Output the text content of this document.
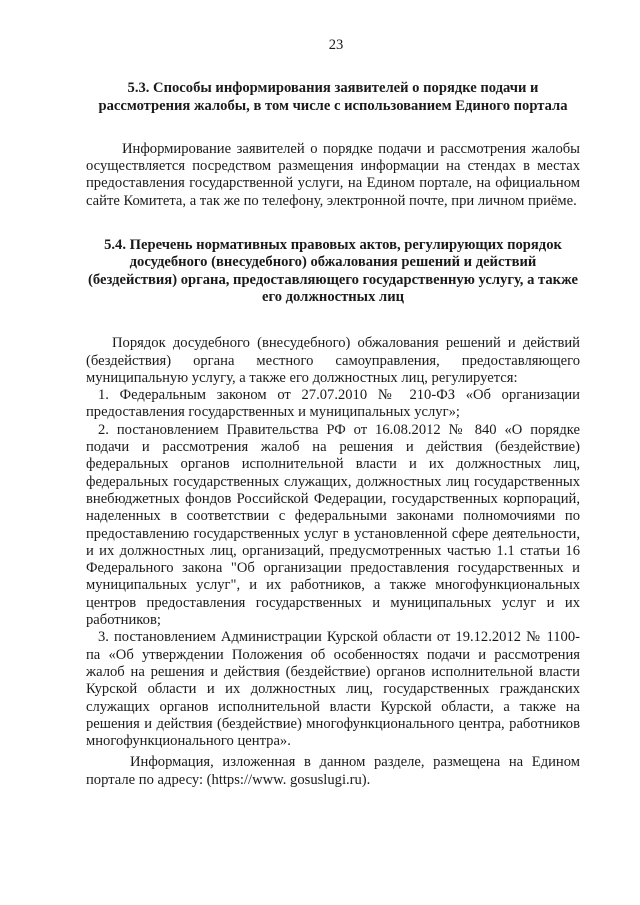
23

5.3. Способы информирования заявителей о порядке подачи и рассмотрения жалобы, в том числе с использованием Единого портала

Информирование заявителей о порядке подачи и рассмотрения жалобы осуществляется посредством размещения информации на стендах в местах предоставления государственной услуги, на Едином портале, на официальном сайте Комитета, а так же по телефону, электронной почте, при личном приёме.

5.4. Перечень нормативных правовых актов, регулирующих порядок досудебного (внесудебного) обжалования решений и действий (бездействия) органа, предоставляющего государственную услугу, а также его должностных лиц

Порядок досудебного (внесудебного) обжалования решений и действий (бездействия) органа местного самоуправления, предоставляющего муниципальную услугу, а также его должностных лиц, регулируется:

1. Федеральным законом от 27.07.2010 № 210-ФЗ «Об организации предоставления государственных и муниципальных услуг»;

2. постановлением Правительства РФ от 16.08.2012 № 840 «О порядке подачи и рассмотрения жалоб на решения и действия (бездействие) федеральных органов исполнительной власти и их должностных лиц, федеральных государственных служащих, должностных лиц государственных внебюджетных фондов Российской Федерации, государственных корпораций, наделенных в соответствии с федеральными законами полномочиями по предоставлению государственных услуг в установленной сфере деятельности, и их должностных лиц, организаций, предусмотренных частью 1.1 статьи 16 Федерального закона "Об организации предоставления государственных и муниципальных услуг", и их работников, а также многофункциональных центров предоставления государственных и муниципальных услуг и их работников;

3. постановлением Администрации Курской области от 19.12.2012 № 1100-па «Об утверждении Положения об особенностях подачи и рассмотрения жалоб на решения и действия (бездействие) органов исполнительной власти Курской области и их должностных лиц, государственных гражданских служащих органов исполнительной власти Курской области, а также на решения и действия (бездействие) многофункционального центра, работников многофункционального центра».

Информация, изложенная в данном разделе, размещена на Едином портале по адресу: (https://www. gosuslugi.ru).
